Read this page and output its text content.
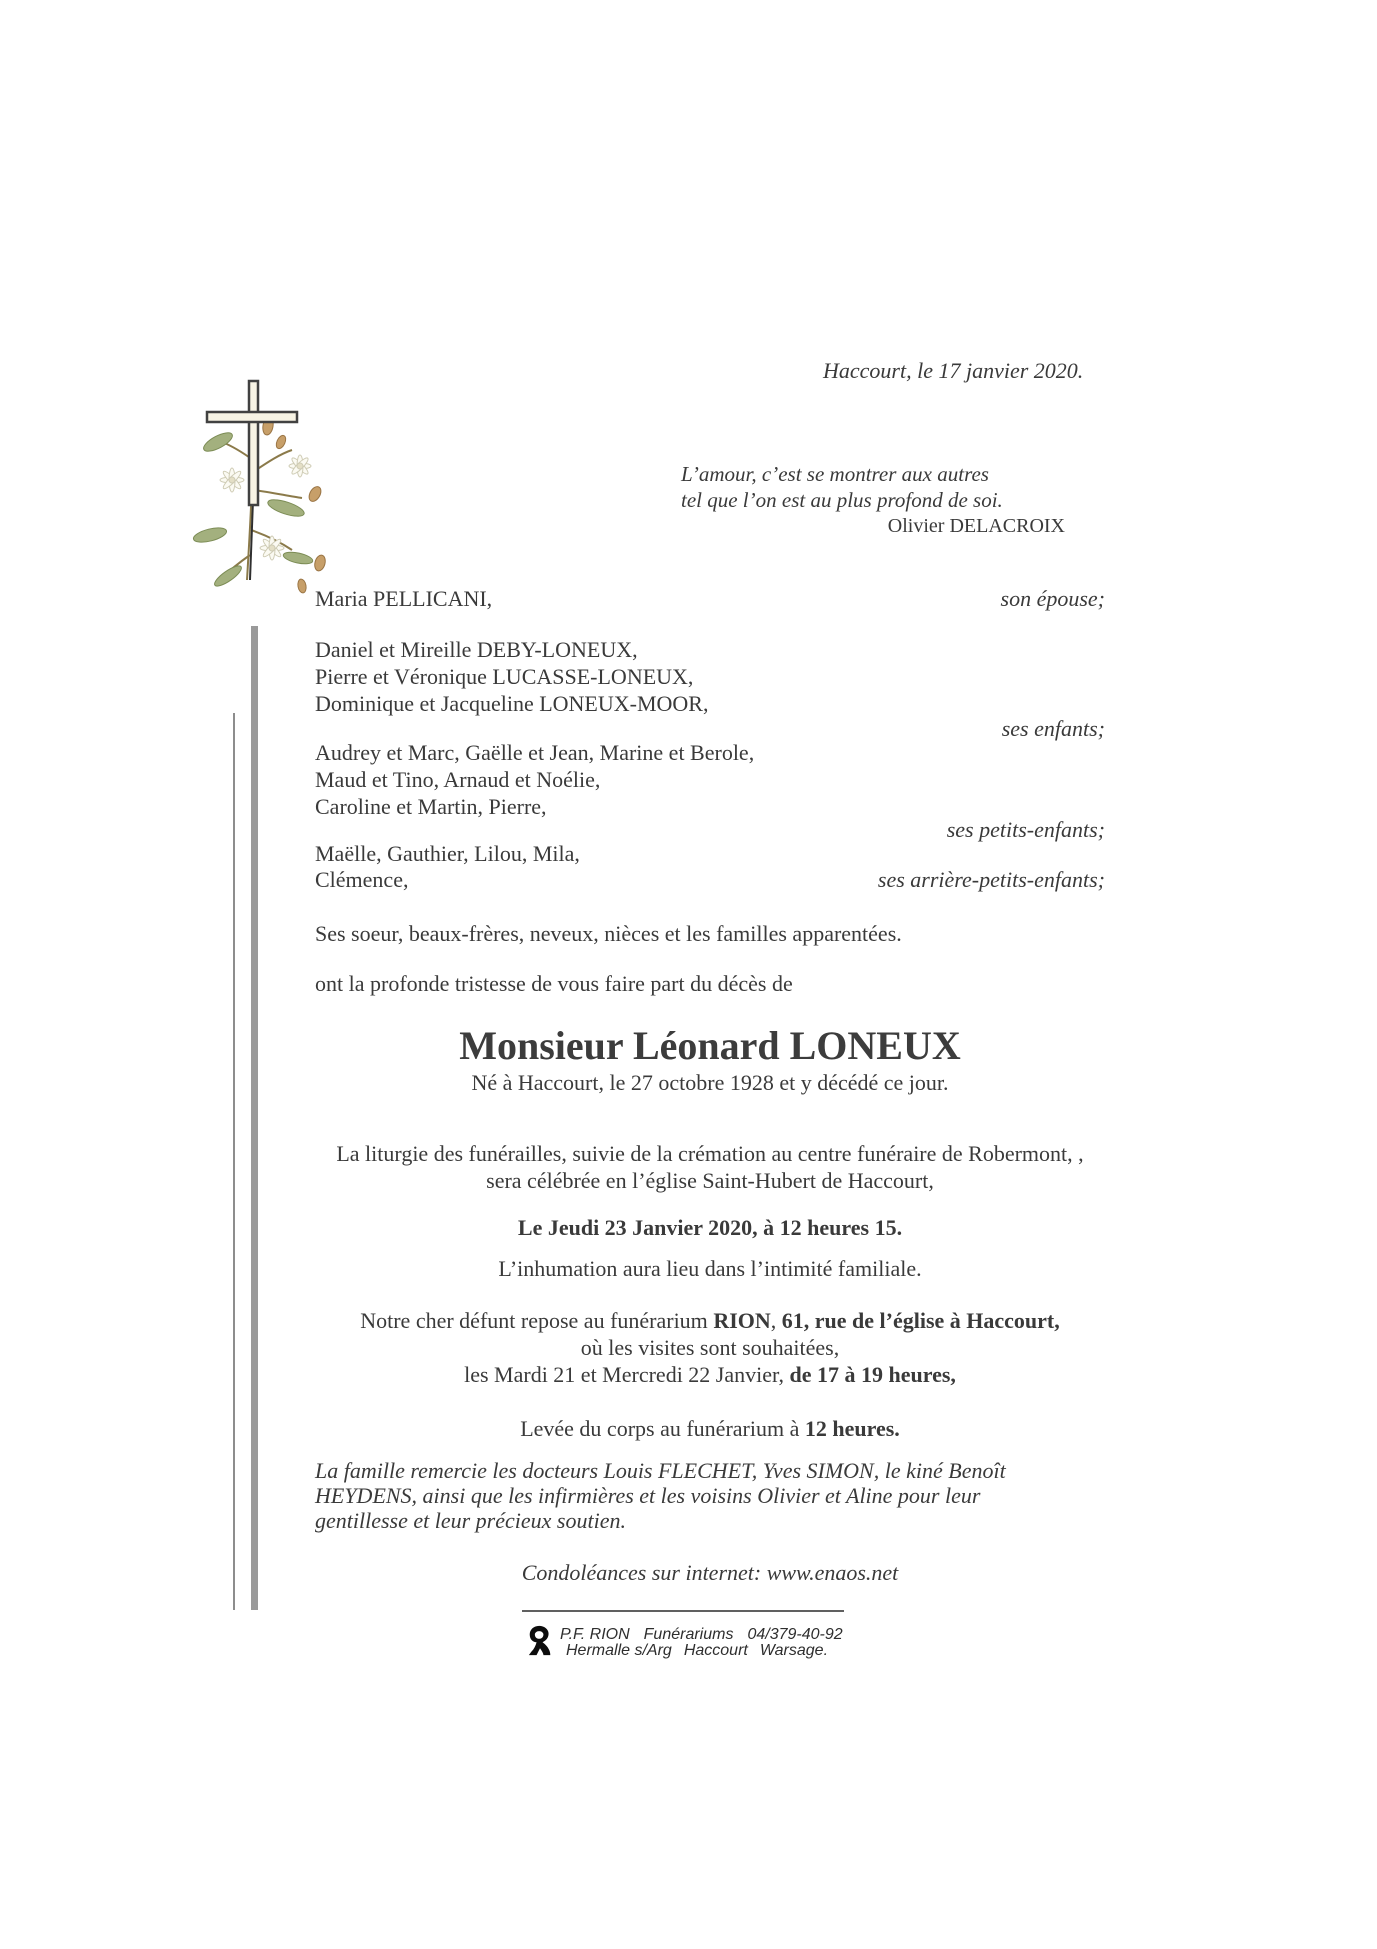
Haccourt, le 17 janvier 2020.
L’amour, c’est se montrer aux autres
tel que l’on est au plus profond de soi.
Olivier DELACROIX
Maria PELLICANI,	son épouse;
Daniel et Mireille DEBY-LONEUX,
Pierre et Véronique LUCASSE-LONEUX,
Dominique et Jacqueline LONEUX-MOOR,
ses enfants;
Audrey et Marc, Gaëlle et Jean, Marine et Berole,
Maud et Tino, Arnaud et Noélie,
Caroline et Martin, Pierre,
ses petits-enfants;
Maëlle, Gauthier, Lilou, Mila,
Clémence,	ses arrière-petits-enfants;
Ses soeur, beaux-frères, neveux, nièces et les familles apparentées.
ont la profonde tristesse de vous faire part du décès de
Monsieur Léonard LONEUX
Né à Haccourt, le 27 octobre 1928 et y décédé ce jour.
La liturgie des funérailles, suivie de la crémation au centre funéraire de Robermont, ,
sera célébrée en l’église Saint-Hubert de Haccourt,
Le Jeudi 23 Janvier 2020, à 12 heures 15.
L’inhumation aura lieu dans l’intimité familiale.
Notre cher défunt repose au funérarium RION, 61, rue de l’église à Haccourt,
où les visites sont souhaitées,
les Mardi 21 et Mercredi 22 Janvier, de 17 à 19 heures,
Levée du corps au funérarium à 12 heures.
La famille remercie les docteurs Louis FLECHET, Yves SIMON, le kiné Benoît
HEYDENS, ainsi que les infirmières et les voisins Olivier et Aline pour leur
gentillesse et leur précieux soutien.
Condoléances sur internet: www.enaos.net
P.F. RION Funérariums 04/379-40-92
Hermalle s/Arg Haccourt Warsage.
